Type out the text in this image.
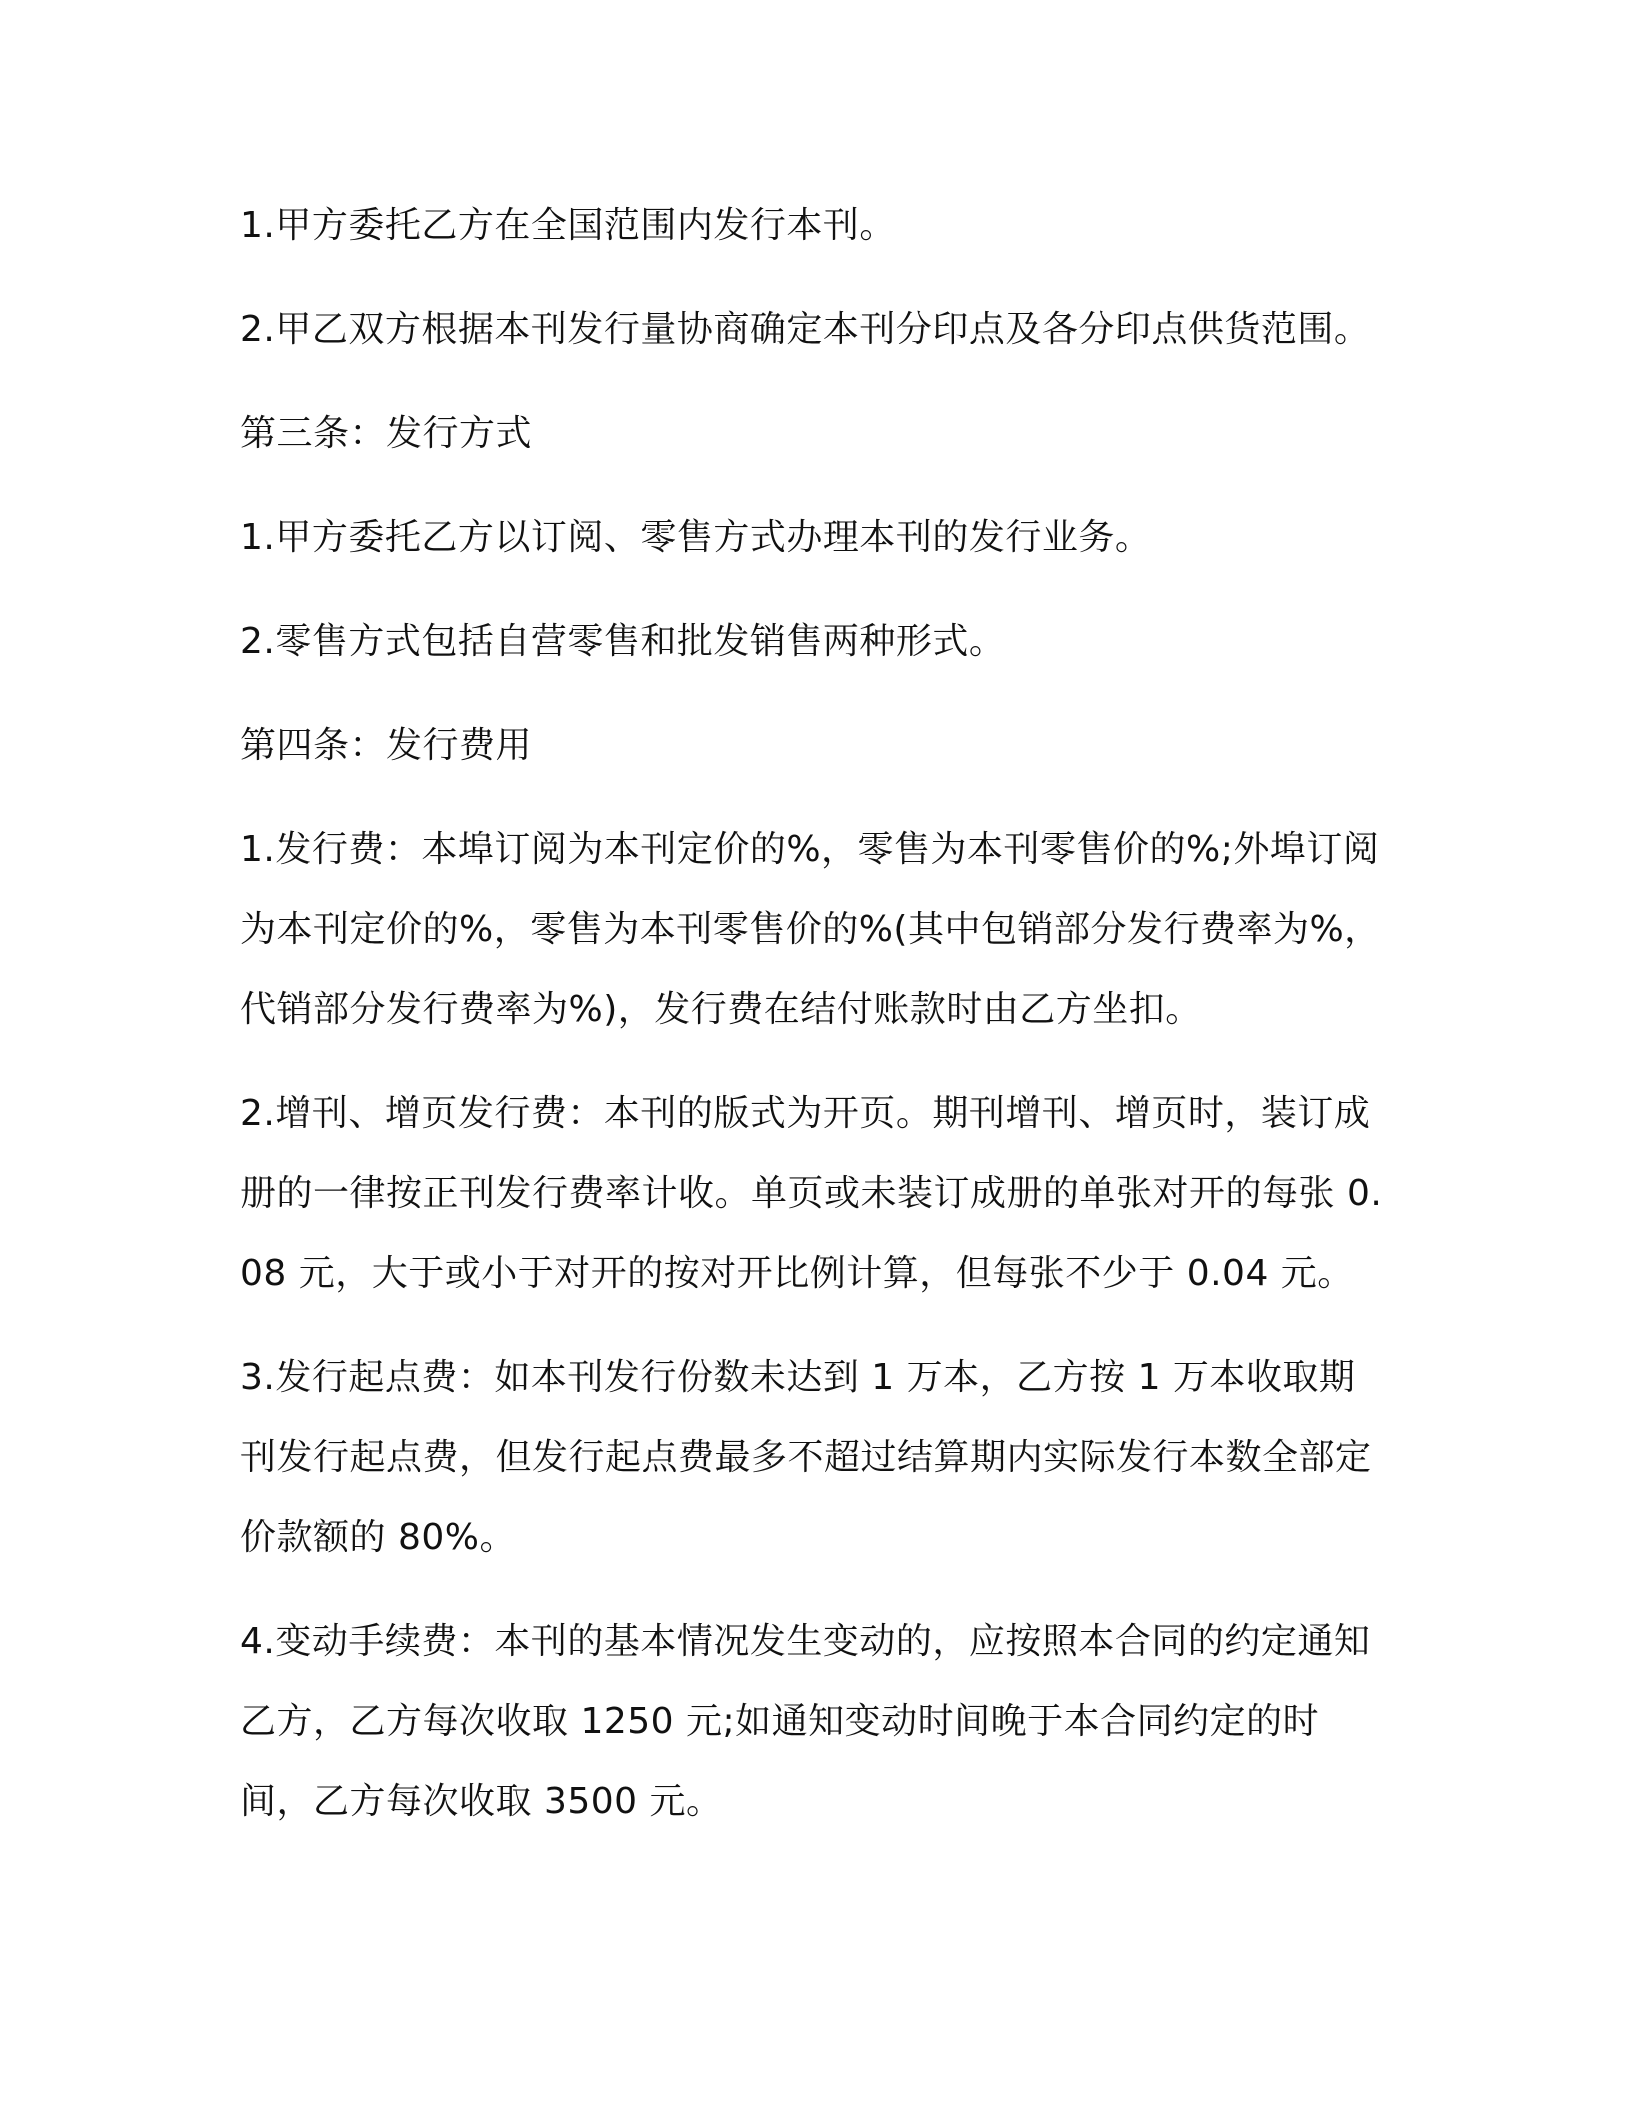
1.甲方委托乙方在全国范围内发行本刊。

2.甲乙双方根据本刊发行量协商确定本刊分印点及各分印点供货范围。

第三条：发行方式

1.甲方委托乙方以订阅、零售方式办理本刊的发行业务。

2.零售方式包括自营零售和批发销售两种形式。

第四条：发行费用

1.发行费：本埠订阅为本刊定价的%，零售为本刊零售价的%;外埠订阅为本刊定价的%，零售为本刊零售价的%(其中包销部分发行费率为%，代销部分发行费率为%)，发行费在结付账款时由乙方坐扣。

2.增刊、增页发行费：本刊的版式为开页。期刊增刊、增页时，装订成册的一律按正刊发行费率计收。单页或未装订成册的单张对开的每张 0.08 元，大于或小于对开的按对开比例计算，但每张不少于 0.04 元。

3.发行起点费：如本刊发行份数未达到 1 万本，乙方按 1 万本收取期刊发行起点费，但发行起点费最多不超过结算期内实际发行本数全部定价款额的 80%。

4.变动手续费：本刊的基本情况发生变动的，应按照本合同的约定通知乙方，乙方每次收取 1250 元;如通知变动时间晚于本合同约定的时间，乙方每次收取 3500 元。
